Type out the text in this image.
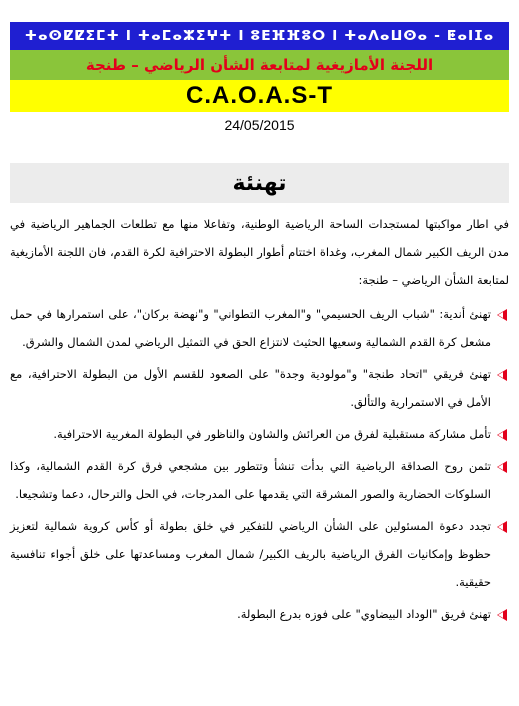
ⵜⴰⵙⵇⵇⵉⵎⵜ ⵏ ⵜⴰⵎⴰⵣⵉⵖⵜ ⵏ ⵓⴹⴼⴼⵓⵔ ⵏ ⵜⴰⴷⴰⵡⵙⴰ - ⵟⴰⵏⵊⴰ
اللجنة الأمازيغية لمتابعة الشأن الرياضي – طنجة
C.A.O.A.S-T
24/05/2015
تهنئة

في اطار مواكبتها لمستجدات الساحة الرياضية الوطنية، وتفاعلا منها مع تطلعات الجماهير الرياضية في مدن الريف الكبير شمال المغرب، وغداة اختتام أطوار البطولة الاحترافية لكرة القدم، فان اللجنة الأمازيغية لمتابعة الشأن الرياضي – طنجة:

تهنئ أندية: "شباب الريف الحسيمي" و"المغرب التطواني" و"نهضة بركان"، على استمرارها في حمل مشعل كرة القدم الشمالية وسعيها الحثيث لانتزاع الحق في التمثيل الرياضي لمدن الشمال والشرق.
تهنئ فريقي "اتحاد طنجة" و"مولودية وجدة" على الصعود للقسم الأول من البطولة الاحترافية، مع الأمل في الاستمرارية والتألق.
تأمل مشاركة مستقبلية لفرق من العرائش والشاون والناظور في البطولة المغربية الاحترافية.
تثمن روح الصداقة الرياضية التي بدأت تنشأ وتتطور بين مشجعي فرق كرة القدم الشمالية، وكذا السلوكات الحضارية والصور المشرقة التي يقدمها على المدرجات، في الحل والترحال، دعما وتشجيعا.
تجدد دعوة المسئولين على الشأن الرياضي للتفكير في خلق بطولة أو كأس كروية شمالية لتعزيز حظوظ وإمكانيات الفرق الرياضية بالريف الكبير/ شمال المغرب ومساعدتها على خلق أجواء تنافسية حقيقية.
تهنئ فريق "الوداد البيضاوي" على فوزه بدرع البطولة.
